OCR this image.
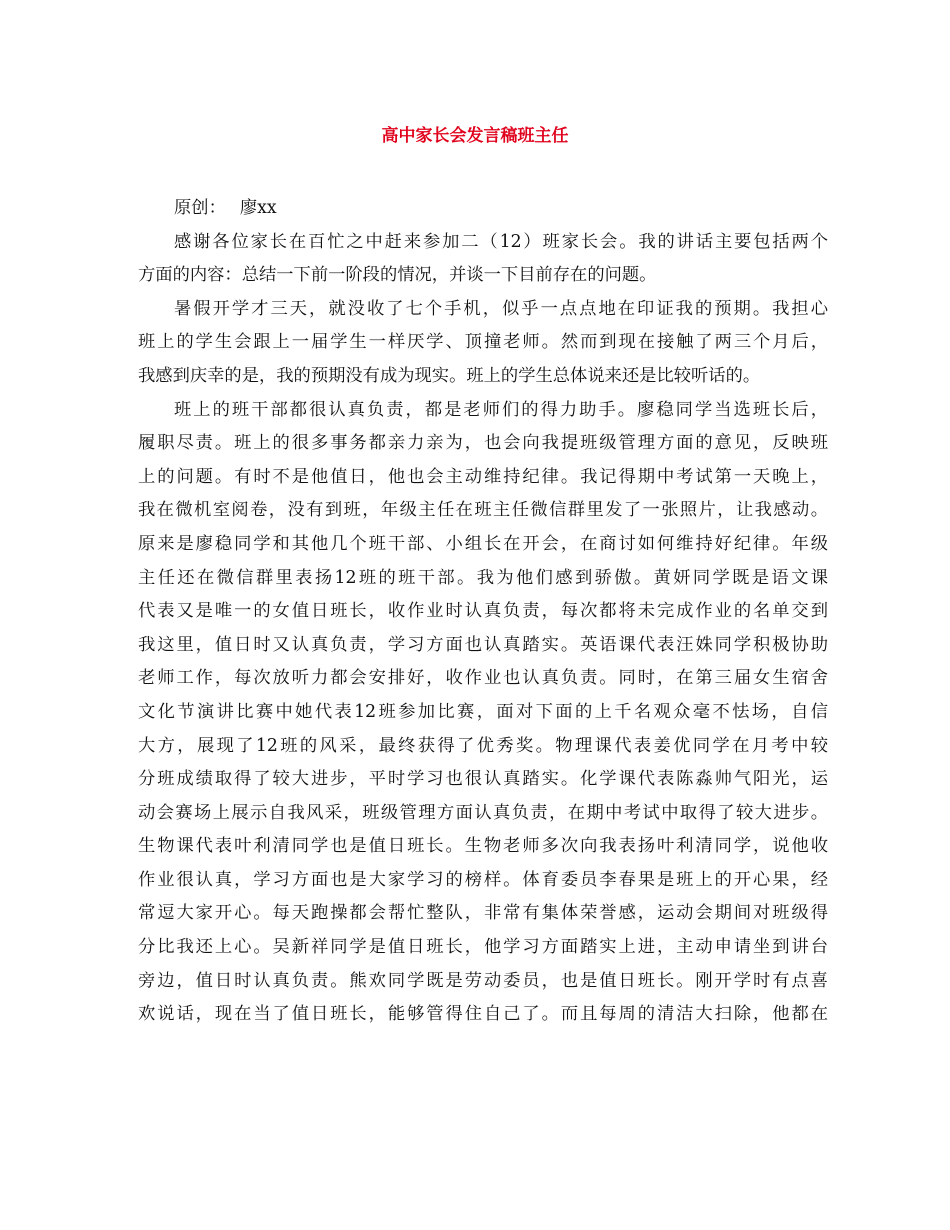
高中家长会发言稿班主任
原创： 廖xx
感谢各位家长在百忙之中赶来参加二（12）班家长会。我的讲话主要包括两个
方面的内容：总结一下前一阶段的情况，并谈一下目前存在的问题。
暑假开学才三天，就没收了七个手机，似乎一点点地在印证我的预期。我担心
班上的学生会跟上一届学生一样厌学、顶撞老师。然而到现在接触了两三个月后，
我感到庆幸的是，我的预期没有成为现实。班上的学生总体说来还是比较听话的。
班上的班干部都很认真负责，都是老师们的得力助手。廖稳同学当选班长后，
履职尽责。班上的很多事务都亲力亲为，也会向我提班级管理方面的意见，反映班
上的问题。有时不是他值日，他也会主动维持纪律。我记得期中考试第一天晚上，
我在微机室阅卷，没有到班，年级主任在班主任微信群里发了一张照片，让我感动。
原来是廖稳同学和其他几个班干部、小组长在开会，在商讨如何维持好纪律。年级
主任还在微信群里表扬12班的班干部。我为他们感到骄傲。黄妍同学既是语文课
代表又是唯一的女值日班长，收作业时认真负责，每次都将未完成作业的名单交到
我这里，值日时又认真负责，学习方面也认真踏实。英语课代表汪姝同学积极协助
老师工作，每次放听力都会安排好，收作业也认真负责。同时，在第三届女生宿舍
文化节演讲比赛中她代表12班参加比赛，面对下面的上千名观众毫不怯场，自信
大方，展现了12班的风采，最终获得了优秀奖。物理课代表姜优同学在月考中较
分班成绩取得了较大进步，平时学习也很认真踏实。化学课代表陈淼帅气阳光，运
动会赛场上展示自我风采，班级管理方面认真负责，在期中考试中取得了较大进步。
生物课代表叶利清同学也是值日班长。生物老师多次向我表扬叶利清同学，说他收
作业很认真，学习方面也是大家学习的榜样。体育委员李春果是班上的开心果，经
常逗大家开心。每天跑操都会帮忙整队，非常有集体荣誉感，运动会期间对班级得
分比我还上心。吴新祥同学是值日班长，他学习方面踏实上进，主动申请坐到讲台
旁边，值日时认真负责。熊欢同学既是劳动委员，也是值日班长。刚开学时有点喜
欢说话，现在当了值日班长，能够管得住自己了。而且每周的清洁大扫除，他都在
